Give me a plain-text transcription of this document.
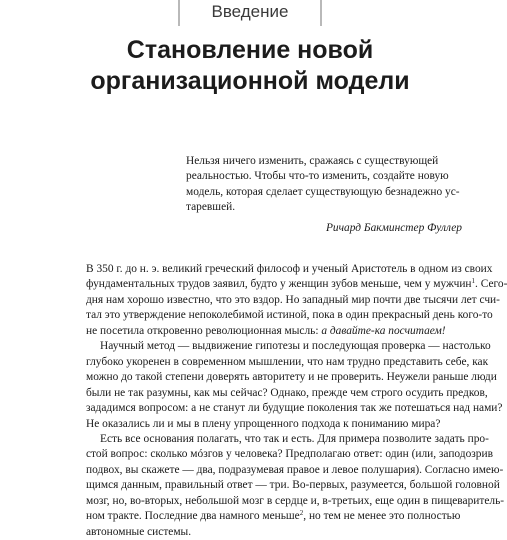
Введение
Становление новой
организационной модели
Нельзя ничего изменить, сражаясь с существующей
реальностью. Чтобы что-то изменить, создайте новую
модель, которая сделает существующую безнадежно ус-
таревшей.
Ричард Бакминстер Фуллер
В 350 г. до н. э. великий греческий философ и ученый Аристотель в одном из своих
фундаментальных трудов заявил, будто у женщин зубов меньше, чем у мужчин$^1$. Сего-
дня нам хорошо известно, что это вздор. Но западный мир почти две тысячи лет счи-
тал это утверждение непоколебимой истиной, пока в один прекрасный день кого-то
не посетила откровенно революционная мысль: а давайте-ка посчитаем!
Научный метод — выдвижение гипотезы и последующая проверка — настолько
глубоко укоренен в современном мышлении, что нам трудно представить себе, как
можно до такой степени доверять авторитету и не проверить. Неужели раньше люди
были не так разумны, как мы сейчас? Однако, прежде чем строго осудить предков,
зададимся вопросом: а не станут ли будущие поколения так же потешаться над нами?
Не оказались ли и мы в плену упрощенного подхода к пониманию мира?
Есть все основания полагать, что так и есть. Для примера позволите задать про-
стой вопрос: сколько мóзгов у человека? Предполагаю ответ: один (или, заподозрив
подвох, вы скажете — два, подразумевая правое и левое полушария). Согласно имею-
щимся данным, правильный ответ — три. Во-первых, разумеется, большой головной
мозг, но, во-вторых, небольшой мозг в сердце и, в-третьих, еще один в пищеваритель-
ном тракте. Последние два намного меньше$^2$, но тем не менее это полностью
автономные системы.
